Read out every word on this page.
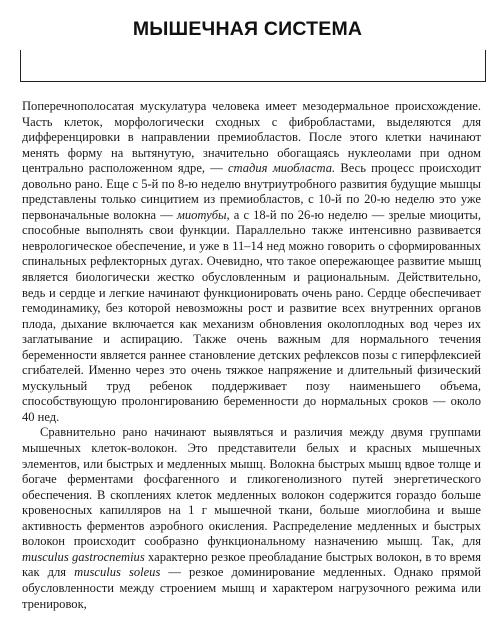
МЫШЕЧНАЯ СИСТЕМА

Поперечнополосатая мускулатура человека имеет мезодермальное происхождение. Часть клеток, морфологически сходных с фибробластами, выделяются для дифференцировки в направлении премиобластов. После этого клетки начинают менять форму на вытянутую, значительно обогащаясь нуклеолами при одном центрально расположенном ядре, — стадия миобласта. Весь процесс происходит довольно рано. Еще с 5-й по 8-ю неделю внутриутробного развития будущие мышцы представлены только синцитием из премиобластов, с 10-й по 20-ю неделю это уже первоначальные волокна — миотубы, а с 18-й по 26-ю неделю — зрелые миоциты, способные выполнять свои функции. Параллельно также интенсивно развивается неврологическое обеспечение, и уже в 11–14 нед можно говорить о сформированных спинальных рефлекторных дугах. Очевидно, что такое опережающее развитие мышц является биологически жестко обусловленным и рациональным. Действительно, ведь и сердце и легкие начинают функционировать очень рано. Сердце обеспечивает гемодинамику, без которой невозможны рост и развитие всех внутренних органов плода, дыхание включается как механизм обновления околоплодных вод через их заглатывание и аспирацию. Также очень важным для нормального течения беременности является раннее становление детских рефлексов позы с гиперфлексией сгибателей. Именно через это очень тяжкое напряжение и длительный физический мускульный труд ребенок поддерживает позу наименьшего объема, способствующую пролонгированию беременности до нормальных сроков — около 40 нед.

Сравнительно рано начинают выявляться и различия между двумя группами мышечных клеток-волокон. Это представители белых и красных мышечных элементов, или быстрых и медленных мышц. Волокна быстрых мышц вдвое толще и богаче ферментами фосфагенного и гликогенолизного путей энергетического обеспечения. В скоплениях клеток медленных волокон содержится гораздо больше кровеносных капилляров на 1 г мышечной ткани, больше миоглобина и выше активность ферментов аэробного окисления. Распределение медленных и быстрых волокон происходит сообразно функциональному назначению мышц. Так, для musculus gastrocnemius характерно резкое преобладание быстрых волокон, в то время как для musculus soleus — резкое доминирование медленных. Однако прямой обусловленности между строением мышц и характером нагрузочного режима или тренировок,
